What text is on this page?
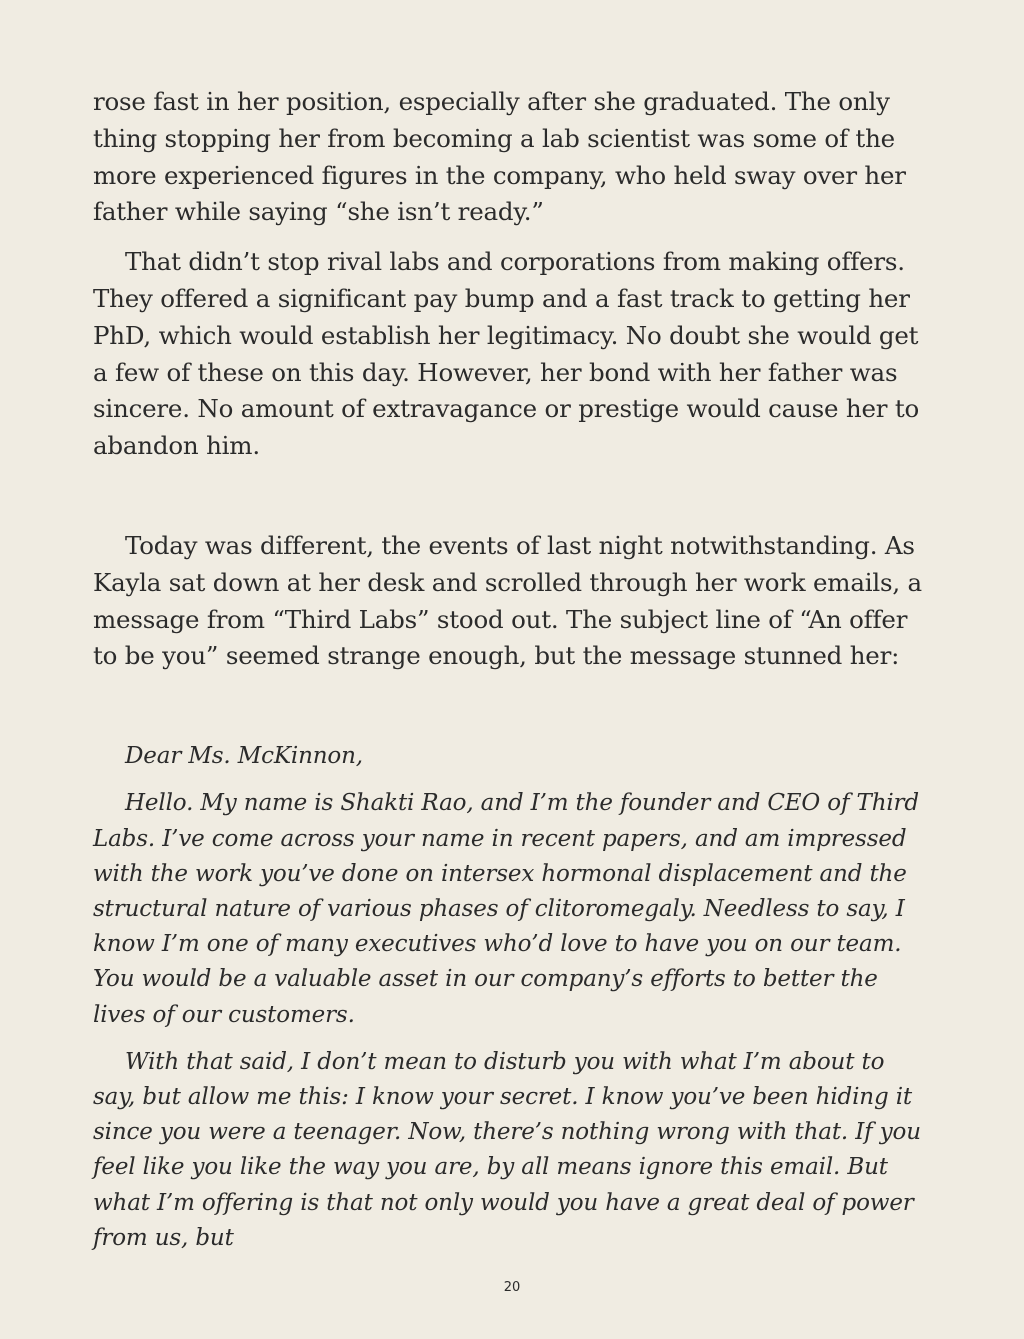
rose fast in her position, especially after she graduated. The only thing stopping her from becoming a lab scientist was some of the more experienced figures in the company, who held sway over her father while saying “she isn’t ready.”

That didn’t stop rival labs and corporations from making offers. They offered a significant pay bump and a fast track to getting her PhD, which would establish her legitimacy. No doubt she would get a few of these on this day. However, her bond with her father was sincere. No amount of extravagance or prestige would cause her to abandon him.

Today was different, the events of last night notwithstanding. As Kayla sat down at her desk and scrolled through her work emails, a message from “Third Labs” stood out. The subject line of “An offer to be you” seemed strange enough, but the message stunned her:

Dear Ms. McKinnon,

Hello. My name is Shakti Rao, and I’m the founder and CEO of Third Labs. I’ve come across your name in recent papers, and am impressed with the work you’ve done on intersex hormonal displacement and the structural nature of various phases of clitoromegaly. Needless to say, I know I’m one of many executives who’d love to have you on our team. You would be a valuable asset in our company’s efforts to better the lives of our customers.

With that said, I don’t mean to disturb you with what I’m about to say, but allow me this: I know your secret. I know you’ve been hiding it since you were a teenager. Now, there’s nothing wrong with that. If you feel like you like the way you are, by all means ignore this email. But what I’m offering is that not only would you have a great deal of power from us, but

20
